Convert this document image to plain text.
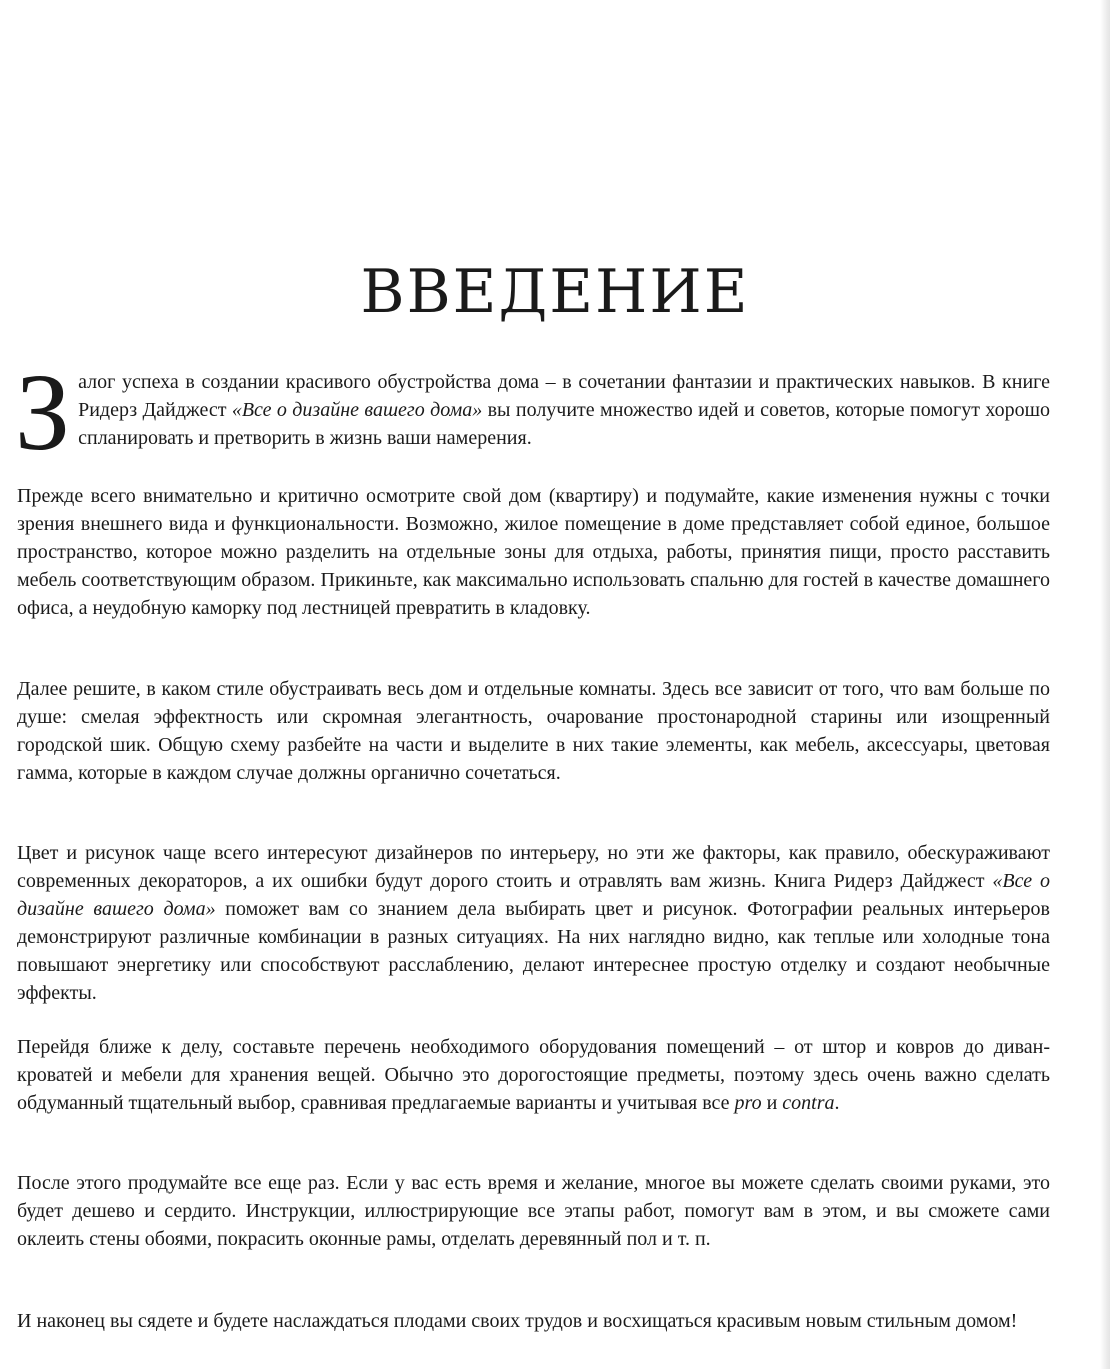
ВВЕДЕНИЕ

Залог успеха в создании красивого обустройства дома – в сочетании фантазии и практических навыков. В книге Ридерз Дайджест «Все о дизайне вашего дома» вы получите множество идей и советов, которые помогут хорошо спланировать и претворить в жизнь ваши намерения.

Прежде всего внимательно и критично осмотрите свой дом (квартиру) и подумайте, какие изменения нужны с точки зрения внешнего вида и функциональности. Возможно, жилое помещение в доме представляет собой единое, большое пространство, которое можно разделить на отдельные зоны для отдыха, работы, принятия пищи, просто расставить мебель соответствующим образом. Прикиньте, как максимально использовать спальню для гостей в качестве домашнего офиса, а неудобную каморку под лестницей превратить в кладовку.

Далее решите, в каком стиле обустраивать весь дом и отдельные комнаты. Здесь все зависит от того, что вам больше по душе: смелая эффектность или скромная элегантность, очарование простонародной старины или изощренный городской шик. Общую схему разбейте на части и выделите в них такие элементы, как мебель, аксессуары, цветовая гамма, которые в каждом случае должны органично сочетаться.

Цвет и рисунок чаще всего интересуют дизайнеров по интерьеру, но эти же факторы, как правило, обескураживают современных декораторов, а их ошибки будут дорого стоить и отравлять вам жизнь. Книга Ридерз Дайджест «Все о дизайне вашего дома» поможет вам со знанием дела выбирать цвет и рисунок. Фотографии реальных интерьеров демонстрируют различные комбинации в разных ситуациях. На них наглядно видно, как теплые или холодные тона повышают энергетику или способствуют расслаблению, делают интереснее простую отделку и создают необычные эффекты.

Перейдя ближе к делу, составьте перечень необходимого оборудования помещений – от штор и ковров до диван-кроватей и мебели для хранения вещей. Обычно это дорогостоящие предметы, поэтому здесь очень важно сделать обдуманный тщательный выбор, сравнивая предлагаемые варианты и учитывая все pro и contra.

После этого продумайте все еще раз. Если у вас есть время и желание, многое вы можете сделать своими руками, это будет дешево и сердито. Инструкции, иллюстрирующие все этапы работ, помогут вам в этом, и вы сможете сами оклеить стены обоями, покрасить оконные рамы, отделать деревянный пол и т. п.

И наконец вы сядете и будете наслаждаться плодами своих трудов и восхищаться красивым новым стильным домом!
